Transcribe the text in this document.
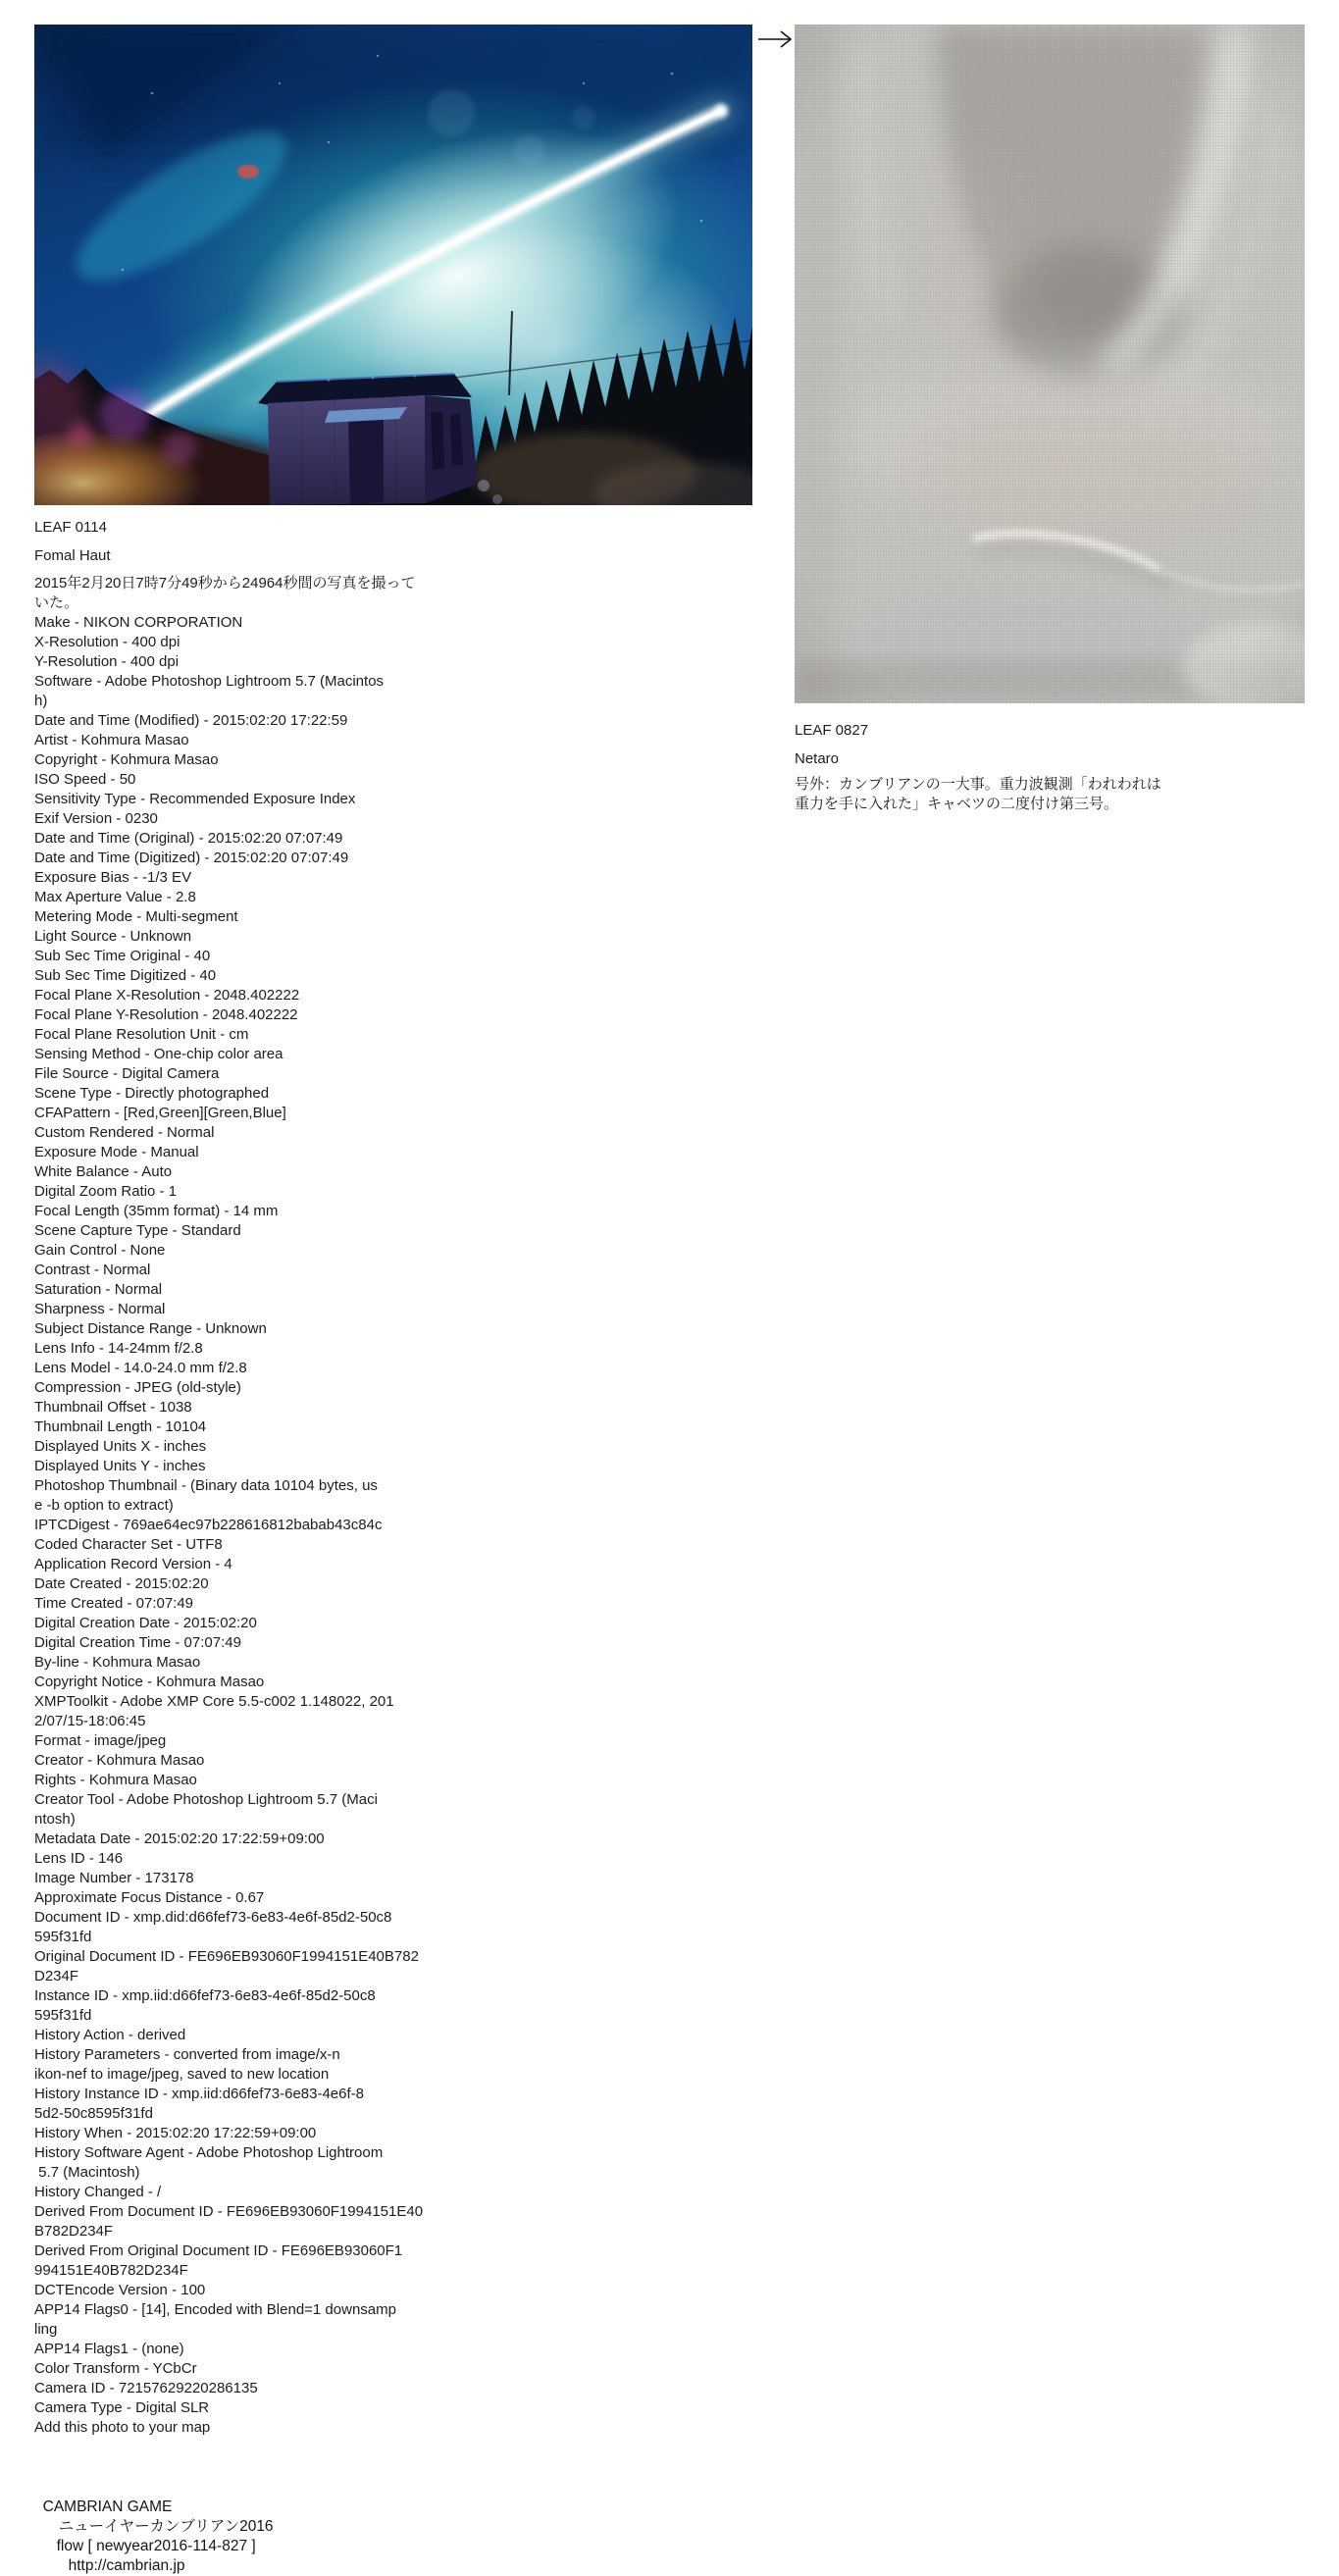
LEAF 0114
Fomal Haut
2015年2月20日7時7分49秒から24964秒間の写真を撮って
いた。
Make - NIKON CORPORATION
X-Resolution - 400 dpi
Y-Resolution - 400 dpi
Software - Adobe Photoshop Lightroom 5.7 (Macintos
h)
Date and Time (Modified) - 2015:02:20 17:22:59
Artist - Kohmura Masao
Copyright - Kohmura Masao
ISO Speed - 50
Sensitivity Type - Recommended Exposure Index
Exif Version - 0230
Date and Time (Original) - 2015:02:20 07:07:49
Date and Time (Digitized) - 2015:02:20 07:07:49
Exposure Bias - -1/3 EV
Max Aperture Value - 2.8
Metering Mode - Multi-segment
Light Source - Unknown
Sub Sec Time Original - 40
Sub Sec Time Digitized - 40
Focal Plane X-Resolution - 2048.402222
Focal Plane Y-Resolution - 2048.402222
Focal Plane Resolution Unit - cm
Sensing Method - One-chip color area
File Source - Digital Camera
Scene Type - Directly photographed
CFAPattern - [Red,Green][Green,Blue]
Custom Rendered - Normal
Exposure Mode - Manual
White Balance - Auto
Digital Zoom Ratio - 1
Focal Length (35mm format) - 14 mm
Scene Capture Type - Standard
Gain Control - None
Contrast - Normal
Saturation - Normal
Sharpness - Normal
Subject Distance Range - Unknown
Lens Info - 14-24mm f/2.8
Lens Model - 14.0-24.0 mm f/2.8
Compression - JPEG (old-style)
Thumbnail Offset - 1038
Thumbnail Length - 10104
Displayed Units X - inches
Displayed Units Y - inches
Photoshop Thumbnail - (Binary data 10104 bytes, us
e -b option to extract)
IPTCDigest - 769ae64ec97b228616812babab43c84c
Coded Character Set - UTF8
Application Record Version - 4
Date Created - 2015:02:20
Time Created - 07:07:49
Digital Creation Date - 2015:02:20
Digital Creation Time - 07:07:49
By-line - Kohmura Masao
Copyright Notice - Kohmura Masao
XMPToolkit - Adobe XMP Core 5.5-c002 1.148022, 201
2/07/15-18:06:45
Format - image/jpeg
Creator - Kohmura Masao
Rights - Kohmura Masao
Creator Tool - Adobe Photoshop Lightroom 5.7 (Maci
ntosh)
Metadata Date - 2015:02:20 17:22:59+09:00
Lens ID - 146
Image Number - 173178
Approximate Focus Distance - 0.67
Document ID - xmp.did:d66fef73-6e83-4e6f-85d2-50c8
595f31fd
Original Document ID - FE696EB93060F1994151E40B782
D234F
Instance ID - xmp.iid:d66fef73-6e83-4e6f-85d2-50c8
595f31fd
History Action - derived
History Parameters - converted from image/x-n
ikon-nef to image/jpeg, saved to new location
History Instance ID - xmp.iid:d66fef73-6e83-4e6f-8
5d2-50c8595f31fd
History When - 2015:02:20 17:22:59+09:00
History Software Agent - Adobe Photoshop Lightroom
5.7 (Macintosh)
History Changed - /
Derived From Document ID - FE696EB93060F1994151E40
B782D234F
Derived From Original Document ID - FE696EB93060F1
994151E40B782D234F
DCTEncode Version - 100
APP14 Flags0 - [14], Encoded with Blend=1 downsamp
ling
APP14 Flags1 - (none)
Color Transform - YCbCr
Camera ID - 72157629220286135
Camera Type - Digital SLR
Add this photo to your map
LEAF 0827
Netaro
号外：カンブリアンの一大事。重力波観測「われわれは
重力を手に入れた」キャベツの二度付け第三号。

CAMBRIAN GAME
ニューイヤーカンブリアン2016
flow [ newyear2016-114-827 ]
http://cambrian.jp
